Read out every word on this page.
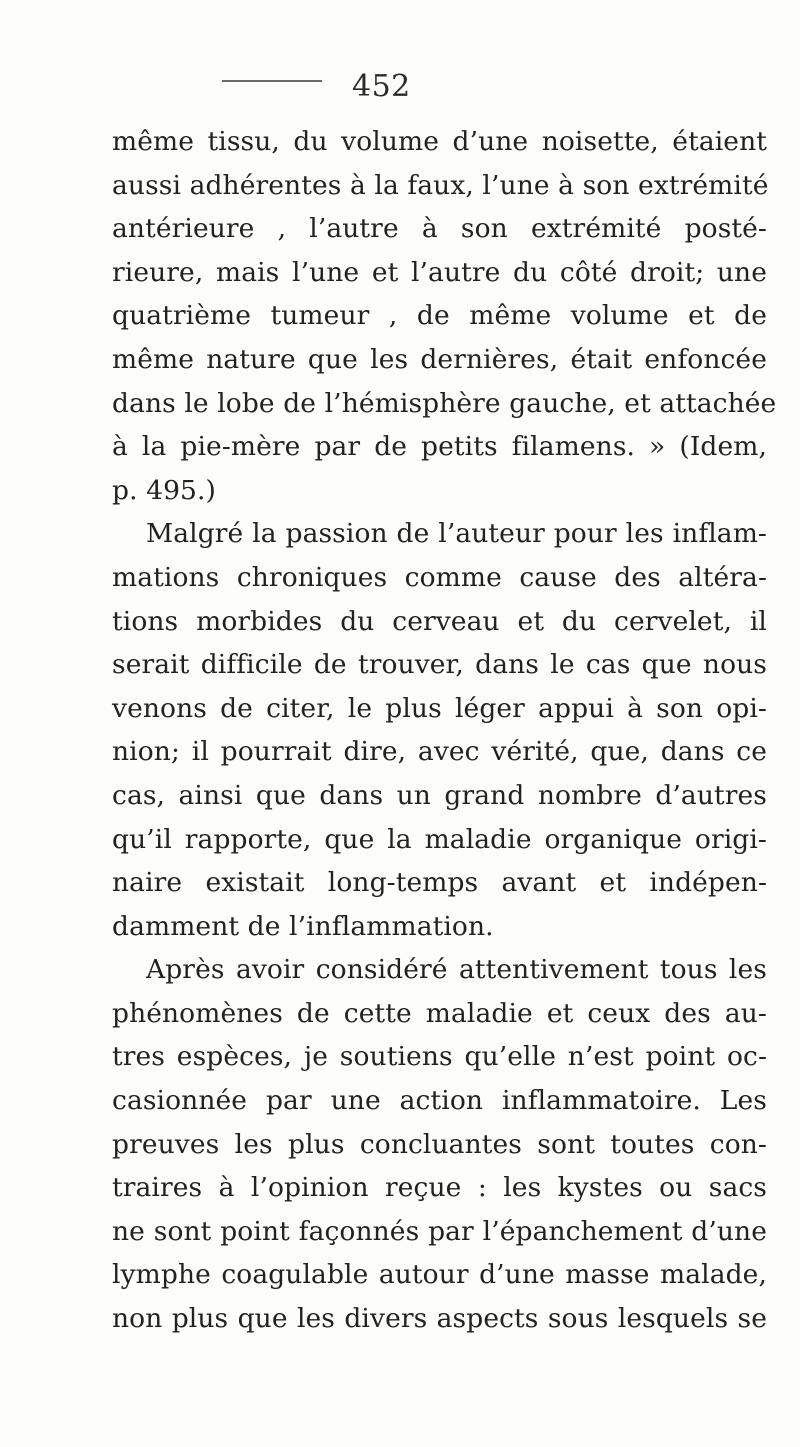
452
même tissu, du volume d’une noisette, étaient
aussi adhérentes à la faux, l’une à son extrémité
antérieure , l’autre à son extrémité posté-
rieure, mais l’une et l’autre du côté droit; une
quatrième tumeur , de même volume et de
même nature que les dernières, était enfoncée
dans le lobe de l’hémisphère gauche, et attachée
à la pie-mère par de petits filamens. » (Idem,
p. 495.)
Malgré la passion de l’auteur pour les inflam-
mations chroniques comme cause des altéra-
tions morbides du cerveau et du cervelet, il
serait difficile de trouver, dans le cas que nous
venons de citer, le plus léger appui à son opi-
nion; il pourrait dire, avec vérité, que, dans ce
cas, ainsi que dans un grand nombre d’autres
qu’il rapporte, que la maladie organique origi-
naire existait long-temps avant et indépen-
damment de l’inflammation.
Après avoir considéré attentivement tous les
phénomènes de cette maladie et ceux des au-
tres espèces, je soutiens qu’elle n’est point oc-
casionnée par une action inflammatoire. Les
preuves les plus concluantes sont toutes con-
traires à l’opinion reçue : les kystes ou sacs
ne sont point façonnés par l’épanchement d’une
lymphe coagulable autour d’une masse malade,
non plus que les divers aspects sous lesquels se
